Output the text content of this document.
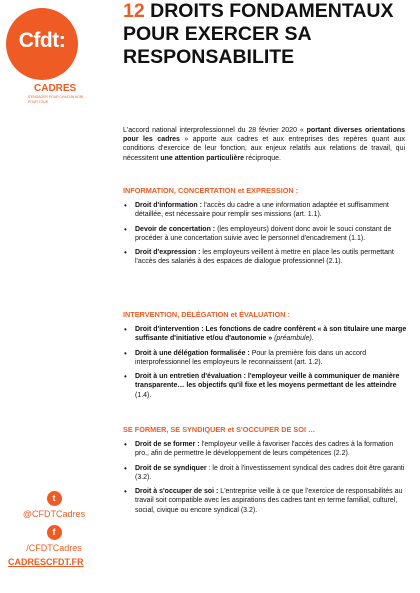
Cfdt:
CADRES
S'ENGAGER POUR CHACUN AGIR POUR TOUS
t
@CFDTCadres
f
/CFDTCadres
CADRESCFDT.FR
12 DROITS FONDAMENTAUX POUR EXERCER SA RESPONSABILITE

L'accord national interprofessionnel du 28 février 2020 « portant diverses orientations pour les cadres » apporte aux cadres et aux entreprises des repères quant aux conditions d'exercice de leur fonction, aux enjeux relatifs aux relations de travail, qui nécessitent une attention particulière réciproque.

INFORMATION, CONCERTATION et EXPRESSION :
• Droit d'information : l'accès du cadre a une information adaptée et suffisamment détaillée, est nécessaire pour remplir ses missions (art. 1.1).
• Devoir de concertation : (les employeurs) doivent donc avoir le souci constant de procéder à une concertation suivie avec le personnel d'encadrement (1.1).
• Droit d'expression : les employeurs veillent à mettre en place les outils permettant l'accès des salariés à des espaces de dialogue professionnel (2.1).
INTERVENTION, DÉLÉGATION et ÉVALUATION :
• Droit d'intervention : Les fonctions de cadre confèrent « à son titulaire une marge suffisante d'initiative et/ou d'autonomie » (préambule).
• Droit à une délégation formalisée : Pour la première fois dans un accord interprofessionnel les employeurs le reconnaissent (art. 1.2).
• Droit à un entretien d'évaluation : l'employeur veille à communiquer de manière transparente… les objectifs qu'il fixe et les moyens permettant de les atteindre (1.4).
SE FORMER, SE SYNDIQUER et S'OCCUPER DE SOI …
• Droit de se former : l'employeur veille à favoriser l'accès des cadres à la formation pro., afin de permettre le développement de leurs compétences (2.2).
• Droit de se syndiquer : le droit à l'investissement syndical des cadres doit être garanti (3.2).
• Droit à s'occuper de soi : L'entreprise veille à ce que l'exercice de responsabilités au travail soit compatible avec les aspirations des cadres tant en terme familial, culturel, social, civique ou encore syndical (3.2).
